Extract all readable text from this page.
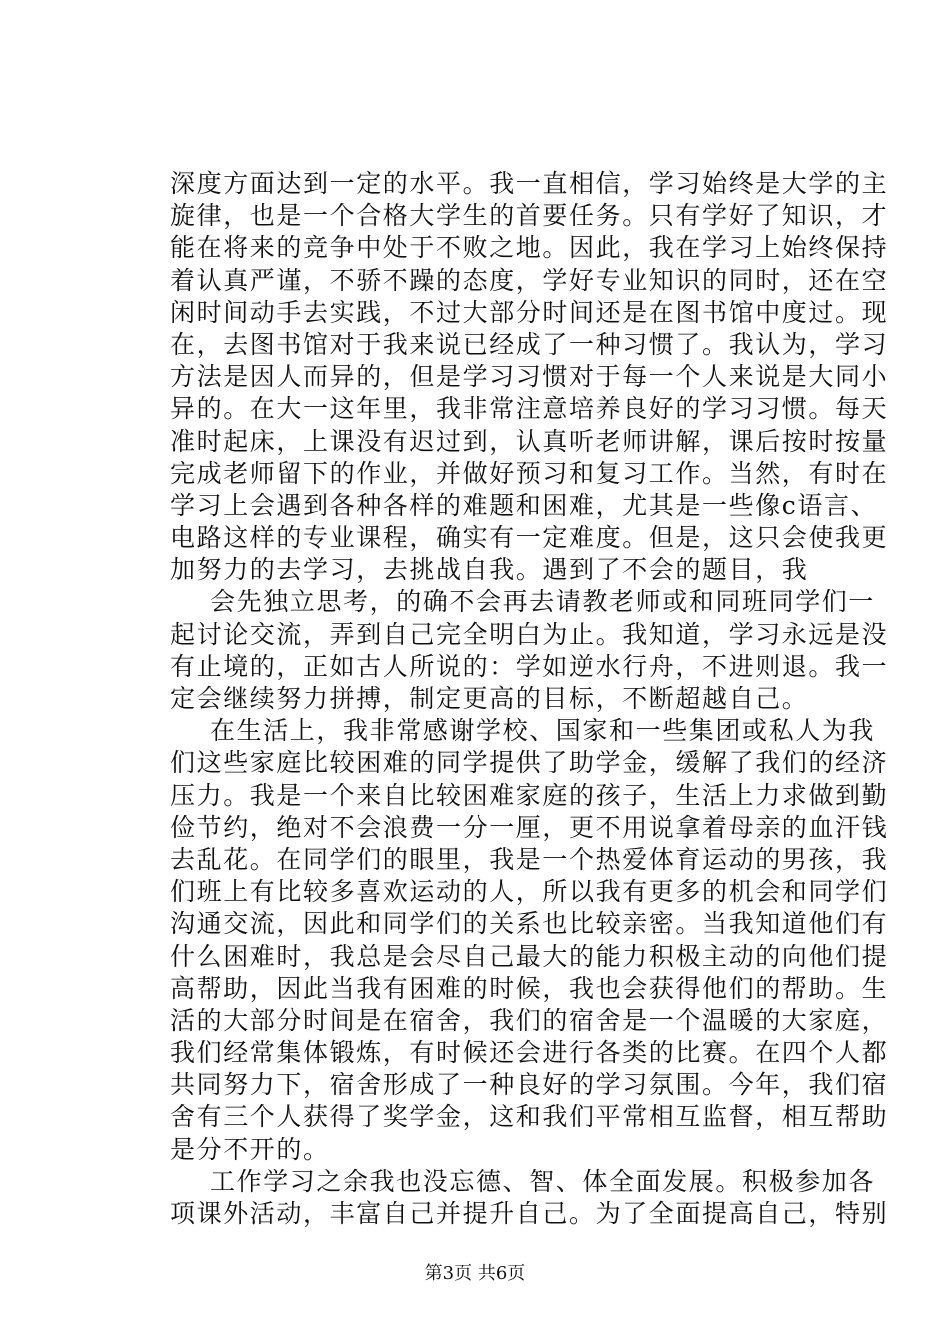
深度方面达到一定的水平。我一直相信，学习始终是大学的主
旋律，也是一个合格大学生的首要任务。只有学好了知识，才
能在将来的竞争中处于不败之地。因此，我在学习上始终保持
着认真严谨，不骄不躁的态度，学好专业知识的同时，还在空
闲时间动手去实践，不过大部分时间还是在图书馆中度过。现
在，去图书馆对于我来说已经成了一种习惯了。我认为，学习
方法是因人而异的，但是学习习惯对于每一个人来说是大同小
异的。在大一这年里，我非常注意培养良好的学习习惯。每天
准时起床，上课没有迟过到，认真听老师讲解，课后按时按量
完成老师留下的作业，并做好预习和复习工作。当然，有时在
学习上会遇到各种各样的难题和困难，尤其是一些像c语言、
电路这样的专业课程，确实有一定难度。但是，这只会使我更
加努力的去学习，去挑战自我。遇到了不会的题目，我
会先独立思考，的确不会再去请教老师或和同班同学们一
起讨论交流，弄到自己完全明白为止。我知道，学习永远是没
有止境的，正如古人所说的：学如逆水行舟，不进则退。我一
定会继续努力拼搏，制定更高的目标，不断超越自己。
在生活上，我非常感谢学校、国家和一些集团或私人为我
们这些家庭比较困难的同学提供了助学金，缓解了我们的经济
压力。我是一个来自比较困难家庭的孩子，生活上力求做到勤
俭节约，绝对不会浪费一分一厘，更不用说拿着母亲的血汗钱
去乱花。在同学们的眼里，我是一个热爱体育运动的男孩，我
们班上有比较多喜欢运动的人，所以我有更多的机会和同学们
沟通交流，因此和同学们的关系也比较亲密。当我知道他们有
什么困难时，我总是会尽自己最大的能力积极主动的向他们提
高帮助，因此当我有困难的时候，我也会获得他们的帮助。生
活的大部分时间是在宿舍，我们的宿舍是一个温暖的大家庭，
我们经常集体锻炼，有时候还会进行各类的比赛。在四个人都
共同努力下，宿舍形成了一种良好的学习氛围。今年，我们宿
舍有三个人获得了奖学金，这和我们平常相互监督，相互帮助
是分不开的。
工作学习之余我也没忘德、智、体全面发展。积极参加各
项课外活动，丰富自己并提升自己。为了全面提高自己，特别
第3页 共6页
